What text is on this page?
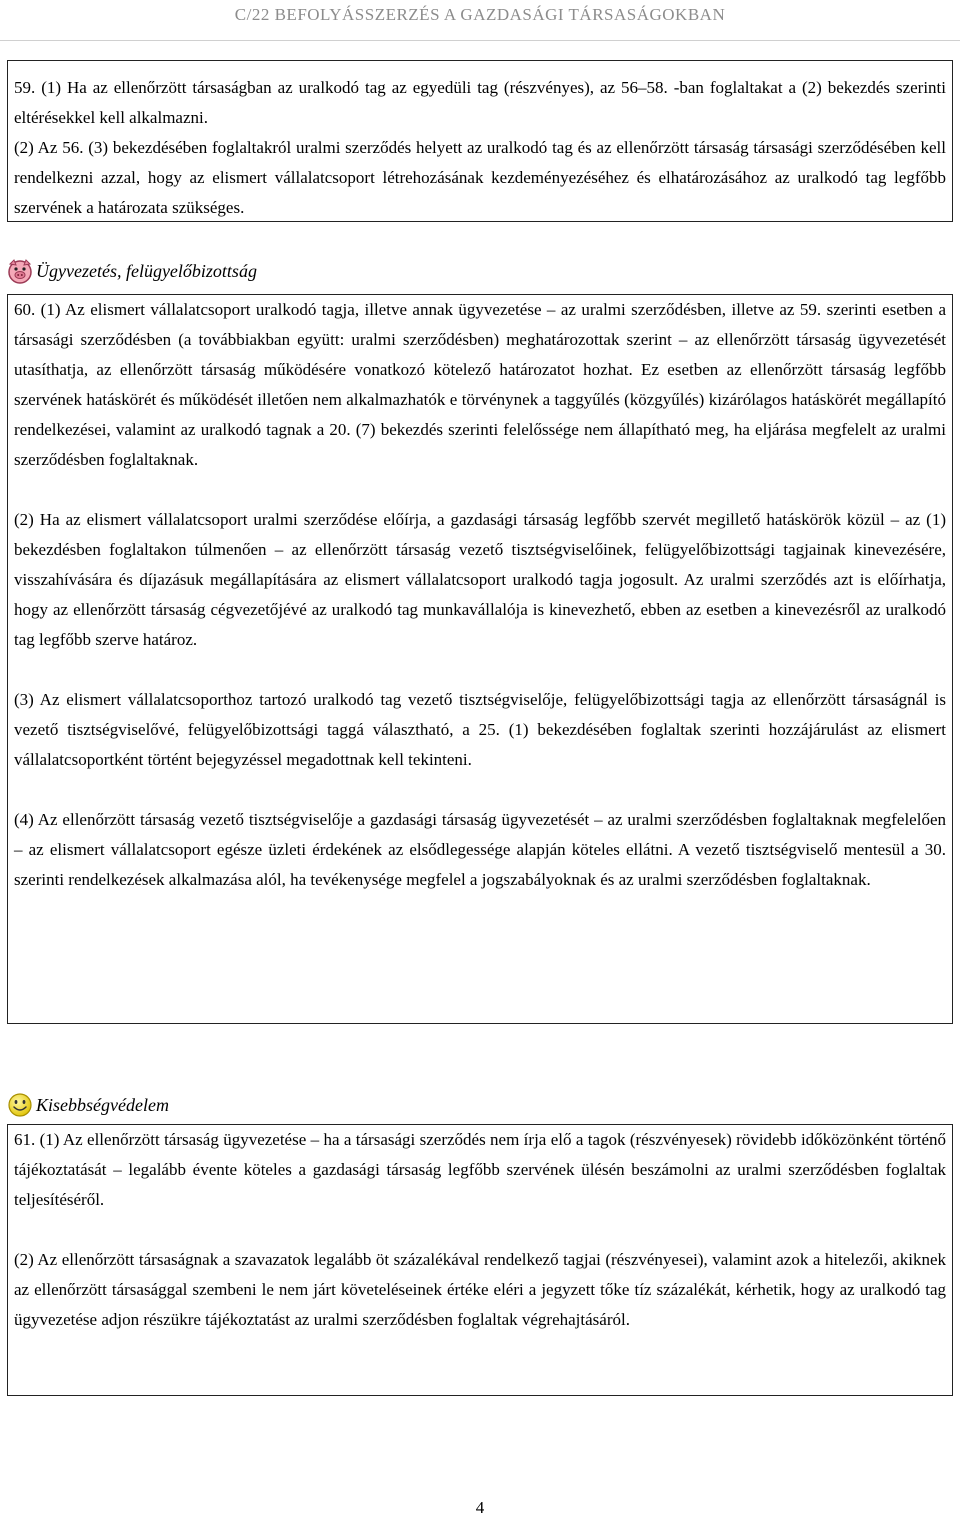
C/22 BEFOLYÁSSZERZÉS A GAZDASÁGI TÁRSASÁGOKBAN

59. (1) Ha az ellenőrzött társaságban az uralkodó tag az egyedüli tag (részvényes), az 56–58. -ban foglaltakat a (2) bekezdés szerinti eltérésekkel kell alkalmazni.

(2) Az 56. (3) bekezdésében foglaltakról uralmi szerződés helyett az uralkodó tag és az ellenőrzött társaság társasági szerződésében kell rendelkezni azzal, hogy az elismert vállalatcsoport létrehozásának kezdeményezéséhez és elhatározásához az uralkodó tag legfőbb szervének a határozata szükséges.

Ügyvezetés, felügyelőbizottság

60. (1) Az elismert vállalatcsoport uralkodó tagja, illetve annak ügyvezetése – az uralmi szerződésben, illetve az 59. szerinti esetben a társasági szerződésben (a továbbiakban együtt: uralmi szerződésben) meghatározottak szerint – az ellenőrzött társaság ügyvezetését utasíthatja, az ellenőrzött társaság működésére vonatkozó kötelező határozatot hozhat. Ez esetben az ellenőrzött társaság legfőbb szervének hatáskörét és működését illetően nem alkalmazhatók e törvénynek a taggyűlés (közgyűlés) kizárólagos hatáskörét megállapító rendelkezései, valamint az uralkodó tagnak a 20. (7) bekezdés szerinti felelőssége nem állapítható meg, ha eljárása megfelelt az uralmi szerződésben foglaltaknak.

(2) Ha az elismert vállalatcsoport uralmi szerződése előírja, a gazdasági társaság legfőbb szervét megillető hatáskörök közül – az (1) bekezdésben foglaltakon túlmenően – az ellenőrzött társaság vezető tisztségviselőinek, felügyelőbizottsági tagjainak kinevezésére, visszahívására és díjazásuk megállapítására az elismert vállalatcsoport uralkodó tagja jogosult. Az uralmi szerződés azt is előírhatja, hogy az ellenőrzött társaság cégvezetőjévé az uralkodó tag munkavállalója is kinevezhető, ebben az esetben a kinevezésről az uralkodó tag legfőbb szerve határoz.

(3) Az elismert vállalatcsoporthoz tartozó uralkodó tag vezető tisztségviselője, felügyelőbizottsági tagja az ellenőrzött társaságnál is vezető tisztségviselővé, felügyelőbizottsági taggá választható, a 25. (1) bekezdésében foglaltak szerinti hozzájárulást az elismert vállalatcsoportként történt bejegyzéssel megadottnak kell tekinteni.

(4) Az ellenőrzött társaság vezető tisztségviselője a gazdasági társaság ügyvezetését – az uralmi szerződésben foglaltaknak megfelelően – az elismert vállalatcsoport egésze üzleti érdekének az elsődlegessége alapján köteles ellátni. A vezető tisztségviselő mentesül a 30. szerinti rendelkezések alkalmazása alól, ha tevékenysége megfelel a jogszabályoknak és az uralmi szerződésben foglaltaknak.

Kisebbségvédelem

61. (1) Az ellenőrzött társaság ügyvezetése – ha a társasági szerződés nem írja elő a tagok (részvényesek) rövidebb időközönként történő tájékoztatását – legalább évente köteles a gazdasági társaság legfőbb szervének ülésén beszámolni az uralmi szerződésben foglaltak teljesítéséről.

(2) Az ellenőrzött társaságnak a szavazatok legalább öt százalékával rendelkező tagjai (részvényesei), valamint azok a hitelezői, akiknek az ellenőrzött társasággal szembeni le nem járt követeléseinek értéke eléri a jegyzett tőke tíz százalékát, kérhetik, hogy az uralkodó tag ügyvezetése adjon részükre tájékoztatást az uralmi szerződésben foglaltak végrehajtásáról.

4
